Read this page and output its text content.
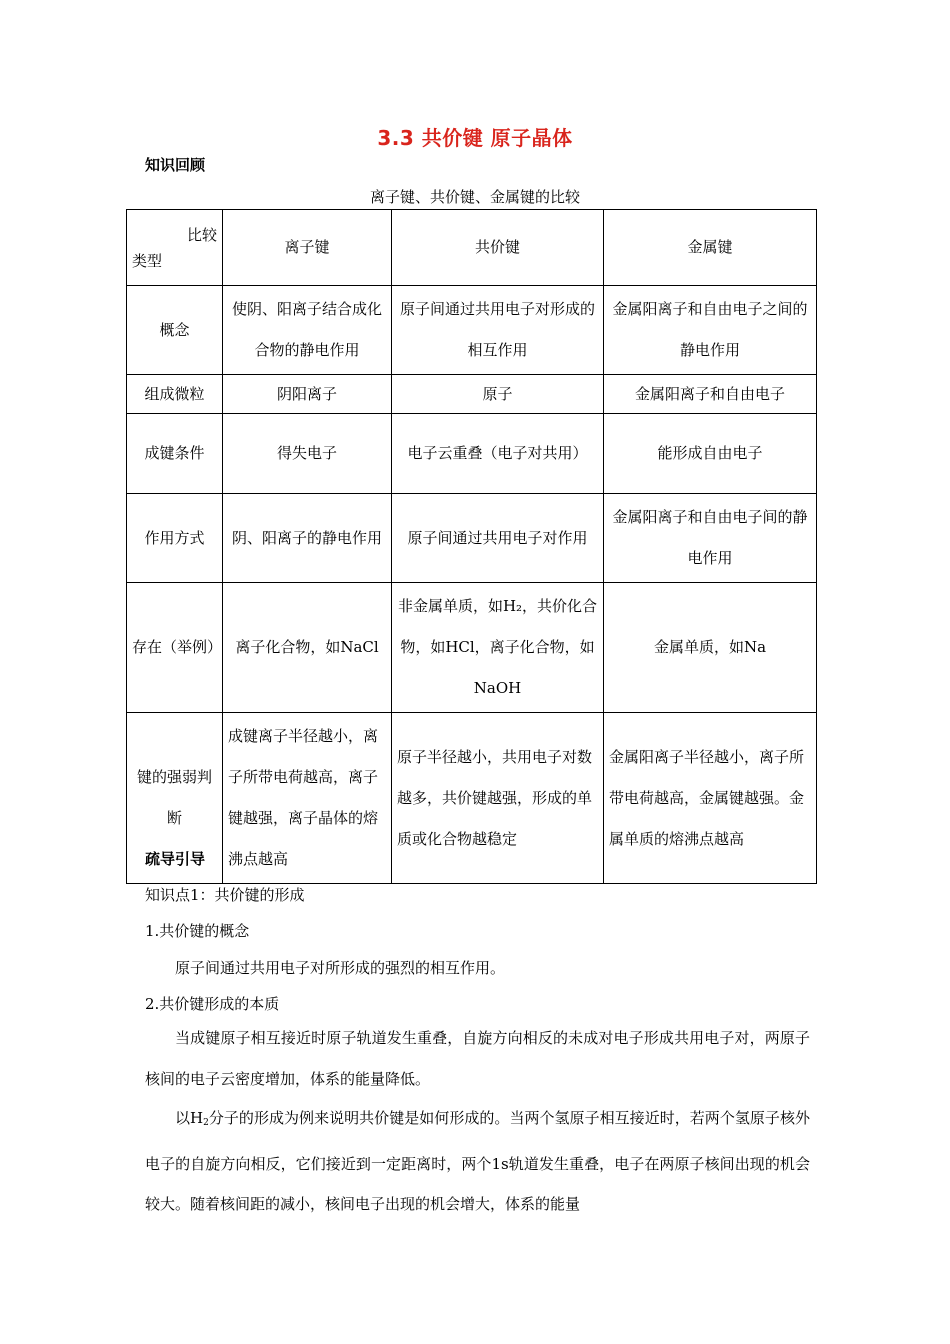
3.3 共价键 原子晶体
知识回顾
离子键、共价键、金属键的比较
比较
类型	离子键	共价键	金属键
概念	使阴、阳离子结合成化合物的静电作用	原子间通过共用电子对形成的相互作用	金属阳离子和自由电子之间的静电作用
组成微粒	阴阳离子	原子	金属阳离子和自由电子
成键条件	得失电子	电子云重叠（电子对共用）	能形成自由电子
作用方式	阴、阳离子的静电作用	原子间通过共用电子对作用	金属阳离子和自由电子间的静电作用
存在（举例）	离子化合物，如NaCl	非金属单质，如H₂，共价化合物，如HCl，离子化合物，如NaOH	金属单质，如Na
键的强弱判断	成键离子半径越小，离子所带电荷越高，离子键越强，离子晶体的熔沸点越高	原子半径越小，共用电子对数越多，共价键越强，形成的单质或化合物越稳定	金属阳离子半径越小，离子所带电荷越高，金属键越强。金属单质的熔沸点越高
疏导引导
知识点1：共价键的形成
1.共价键的概念
原子间通过共用电子对所形成的强烈的相互作用。
2.共价键形成的本质
当成键原子相互接近时原子轨道发生重叠，自旋方向相反的未成对电子形成共用电子对，两原子核间的电子云密度增加，体系的能量降低。
以$H_2$分子的形成为例来说明共价键是如何形成的。当两个氢原子相互接近时，若两个氢原子核外电子的自旋方向相反，它们接近到一定距离时，两个1s轨道发生重叠，电子在两原子核间出现的机会较大。随着核间距的减小，核间电子出现的机会增大，体系的能量
